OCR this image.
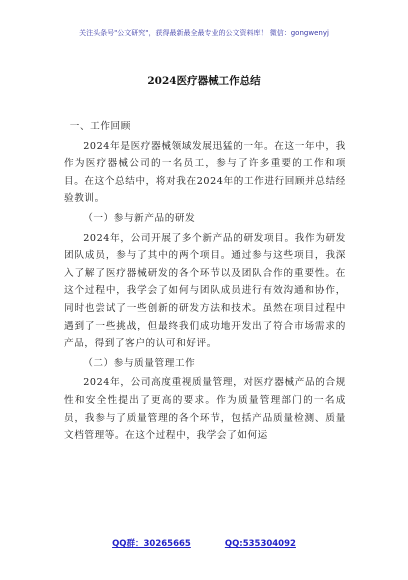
关注头条号"公文研究"，获得最新最全最专业的公文资料库！ 微信：gongwenyj
2024医疗器械工作总结

一、工作回顾

2024年是医疗器械领域发展迅猛的一年。在这一年中，我作为医疗器械公司的一名员工，参与了许多重要的工作和项目。在这个总结中，将对我在2024年的工作进行回顾并总结经验教训。

（一）参与新产品的研发

2024年，公司开展了多个新产品的研发项目。我作为研发团队成员，参与了其中的两个项目。通过参与这些项目，我深入了解了医疗器械研发的各个环节以及团队合作的重要性。在这个过程中，我学会了如何与团队成员进行有效沟通和协作，同时也尝试了一些创新的研发方法和技术。虽然在项目过程中遇到了一些挑战，但最终我们成功地开发出了符合市场需求的产品，得到了客户的认可和好评。

（二）参与质量管理工作

2024年，公司高度重视质量管理，对医疗器械产品的合规性和安全性提出了更高的要求。作为质量管理部门的一名成员，我参与了质量管理的各个环节，包括产品质量检测、质量文档管理等。在这个过程中，我学会了如何运

QQ群：30265665	QQ:535304092
